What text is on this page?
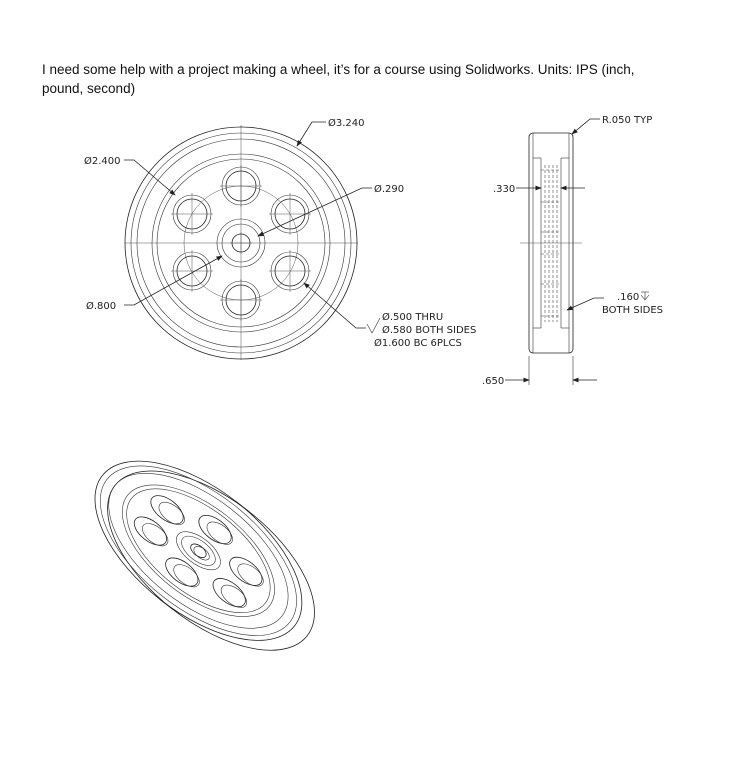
I need some help with a project making a wheel, it’s for a course using Solidworks. Units: IPS (inch,
pound, second)
Ø3.240
Ø2.400
Ø.290
Ø.800
Ø.500 THRU
Ø.580 BOTH SIDES
Ø1.600 BC 6PLCS
R.050 TYP
.330
.160
BOTH SIDES
.650
